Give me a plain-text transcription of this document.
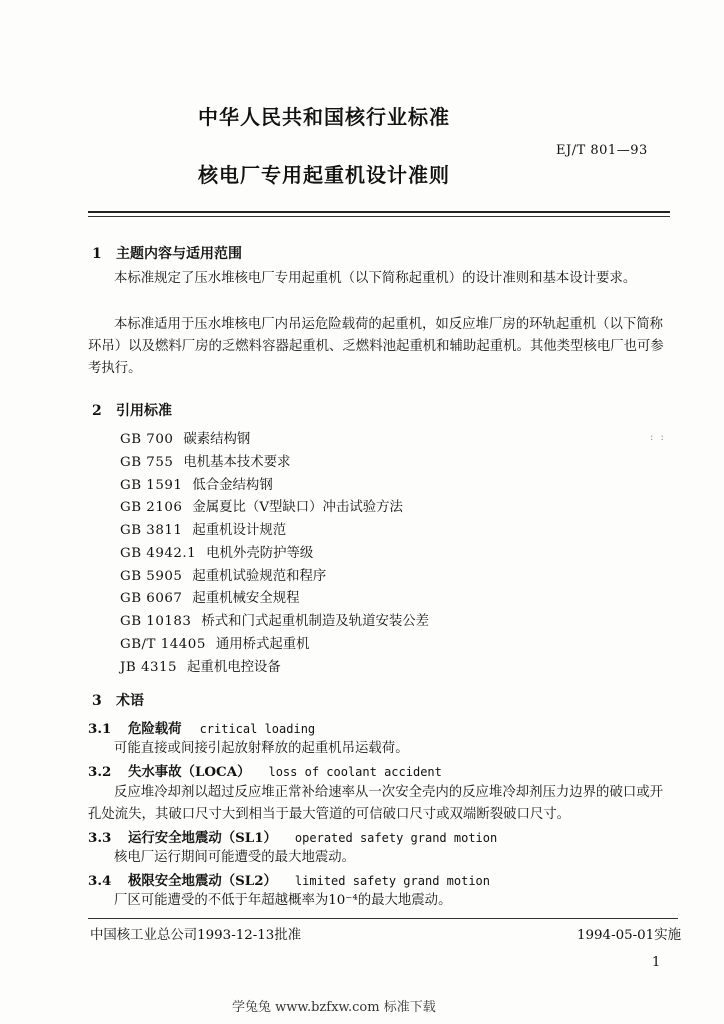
中华人民共和国核行业标准
EJ/T 801—93
核电厂专用起重机设计准则
1 主题内容与适用范围
本标准规定了压水堆核电厂专用起重机（以下简称起重机）的设计准则和基本设计要求。
本标准适用于压水堆核电厂内吊运危险载荷的起重机，如反应堆厂房的环轨起重机（以下简称环吊）以及燃料厂房的乏燃料容器起重机、乏燃料池起重机和辅助起重机。其他类型核电厂也可参考执行。
2 引用标准
: :
GB 700 碳素结构钢
GB 755 电机基本技术要求
GB 1591 低合金结构钢
GB 2106 金属夏比（V型缺口）冲击试验方法
GB 3811 起重机设计规范
GB 4942.1 电机外壳防护等级
GB 5905 起重机试验规范和程序
GB 6067 起重机械安全规程
GB 10183 桥式和门式起重机制造及轨道安装公差
GB/T 14405 通用桥式起重机
JB 4315 起重机电控设备
3 术语
3.1 危险载荷 critical loading
可能直接或间接引起放射释放的起重机吊运载荷。
3.2 失水事故（LOCA） loss of coolant accident
反应堆冷却剂以超过反应堆正常补给速率从一次安全壳内的反应堆冷却剂压力边界的破口或开孔处流失，其破口尺寸大到相当于最大管道的可信破口尺寸或双端断裂破口尺寸。
3.3 运行安全地震动（SL1） operated safety grand motion
核电厂运行期间可能遭受的最大地震动。
3.4 极限安全地震动（SL2） limited safety grand motion
厂区可能遭受的不低于年超越概率为10⁻⁴的最大地震动。
中国核工业总公司1993-12-13批准	1994-05-01实施
1
学兔兔 www.bzfxw.com 标准下载
